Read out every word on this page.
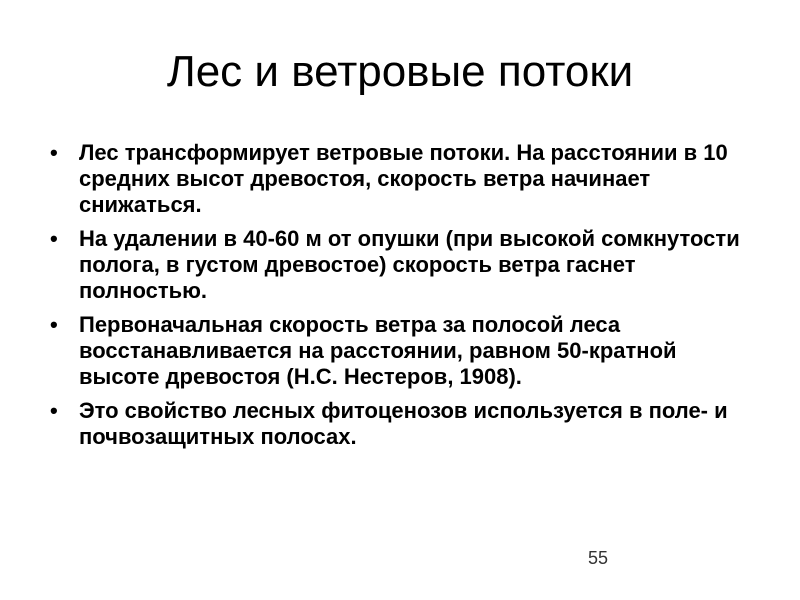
Лес и ветровые потоки
• Лес трансформирует ветровые потоки. На расстоянии в 10 средних высот древостоя, скорость ветра начинает снижаться.
• На удалении в 40-60 м от опушки (при высокой сомкнутости полога, в густом древостое) скорость ветра гаснет полностью.
• Первоначальная скорость ветра за полосой леса восстанавливается на расстоянии, равном 50-кратной высоте древостоя (Н.С. Нестеров, 1908).
• Это свойство лесных фитоценозов используется в поле- и почвозащитных полосах.
55
